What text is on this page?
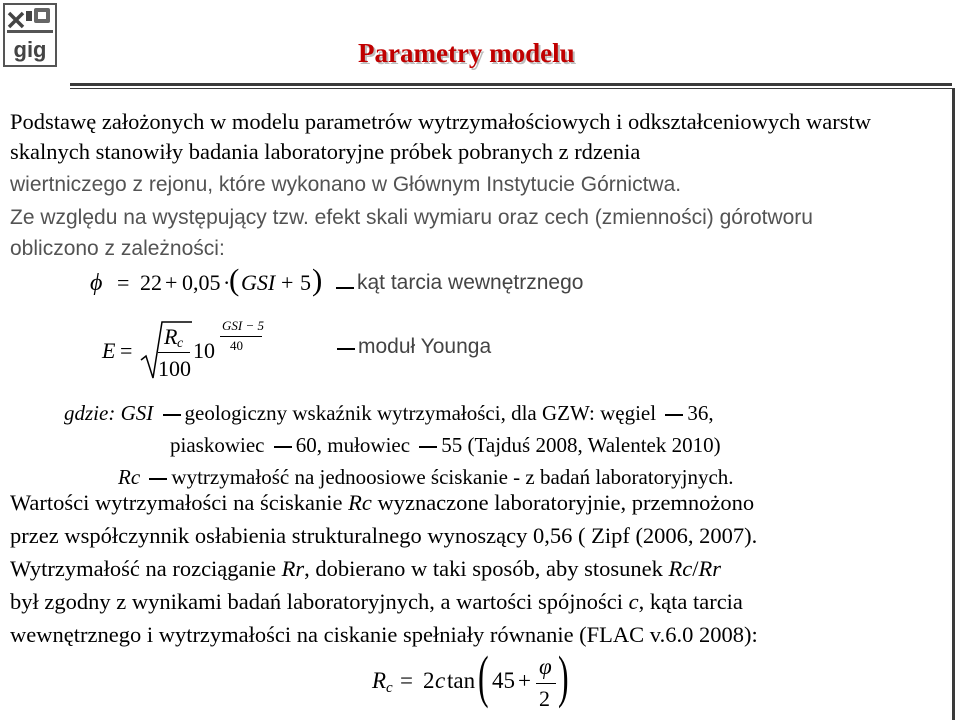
gig	Parametry modelu
Podstawę założonych w modelu parametrów wytrzymałościowych i odkształceniowych warstw skalnych stanowiły badania laboratoryjne próbek pobranych z rdzenia
wiertniczego z rejonu, które wykonano w Głównym Instytucie Górnictwa.
Ze względu na występujący tzw. efekt skali wymiaru oraz cech (zmienności) górotworu
obliczono z zależności:
ϕ = 22 + 0,05 ·
( GSI + 5 ) kąt tarcia wewnętrznego
E =
R c
100
10
GSI − 5
40	moduł Younga
gdzie: GSI geologiczny wskaźnik wytrzymałości, dla GZW: węgiel 36,
piaskowiec 60, mułowiec 55 (Tajduś 2008, Walentek 2010)
Rc wytrzymałość na jednoosiowe ściskanie - z badań laboratoryjnych.
Wartości wytrzymałości na ściskanie Rc wyznaczone laboratoryjnie, przemnożono
przez współczynnik osłabienia strukturalnego wynoszący 0,56 ( Zipf (2006, 2007).
Wytrzymałość na rozciąganie Rr, dobierano w taki sposób, aby stosunek Rc/Rr
był zgodny z wynikami badań laboratoryjnych, a wartości spójności c, kąta tarcia
wewnętrznego i wytrzymałości na ciskanie spełniały równanie (FLAC v.6.0 2008):
R c = 2 c tan ( 45 +
φ
2 )
